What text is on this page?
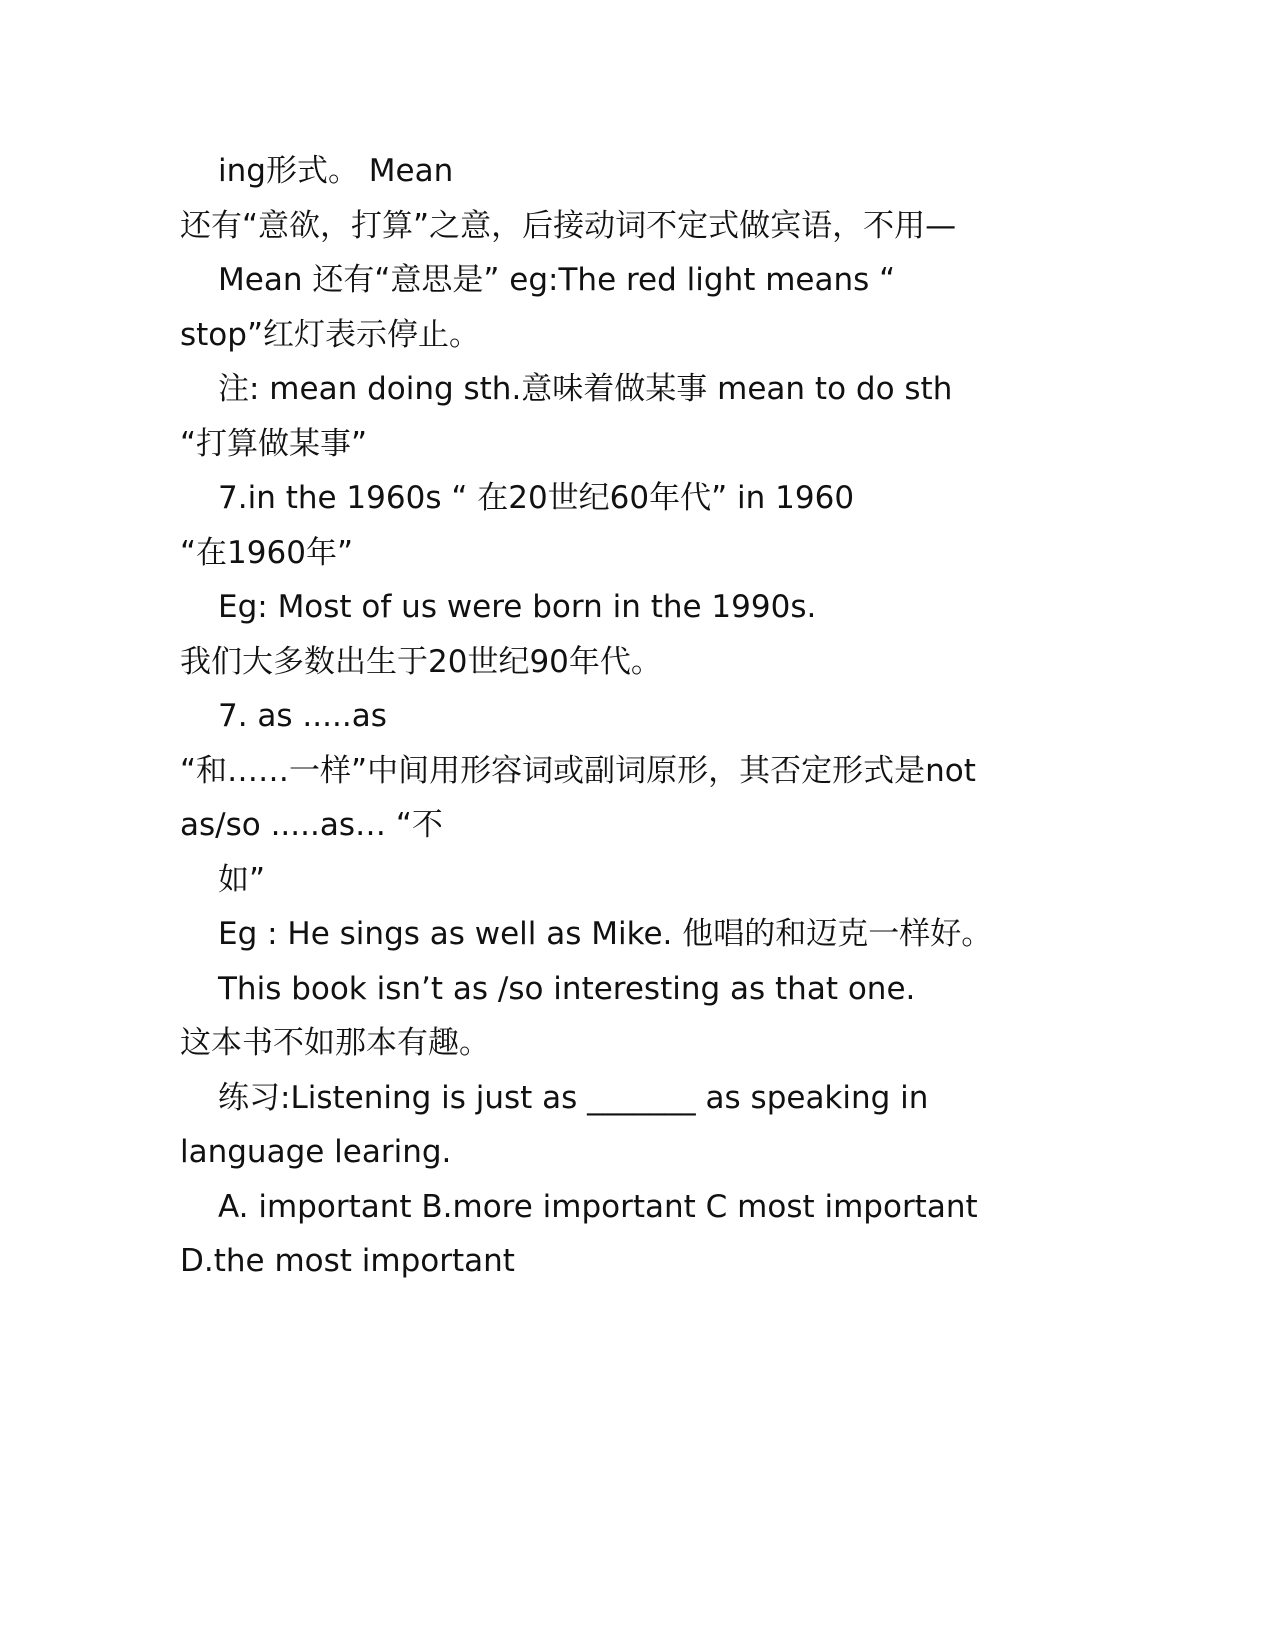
ing形式。 Mean
还有“意欲，打算”之意，后接动词不定式做宾语，不用—
Mean 还有“意思是” eg:The red light means “
stop”红灯表示停止。
注: mean doing sth.意味着做某事 mean to do sth
“打算做某事”
7.in the 1960s “ 在20世纪60年代” in 1960
“在1960年”
Eg: Most of us were born in the 1990s.
我们大多数出生于20世纪90年代。
7. as .....as
“和……一样”中间用形容词或副词原形，其否定形式是not
as/so .....as… “不
如”
Eg : He sings as well as Mike. 他唱的和迈克一样好。
This book isn’t as /so interesting as that one.
这本书不如那本有趣。
练习:Listening is just as _______ as speaking in
language learing.
A. important B.more important C most important
D.the most important
